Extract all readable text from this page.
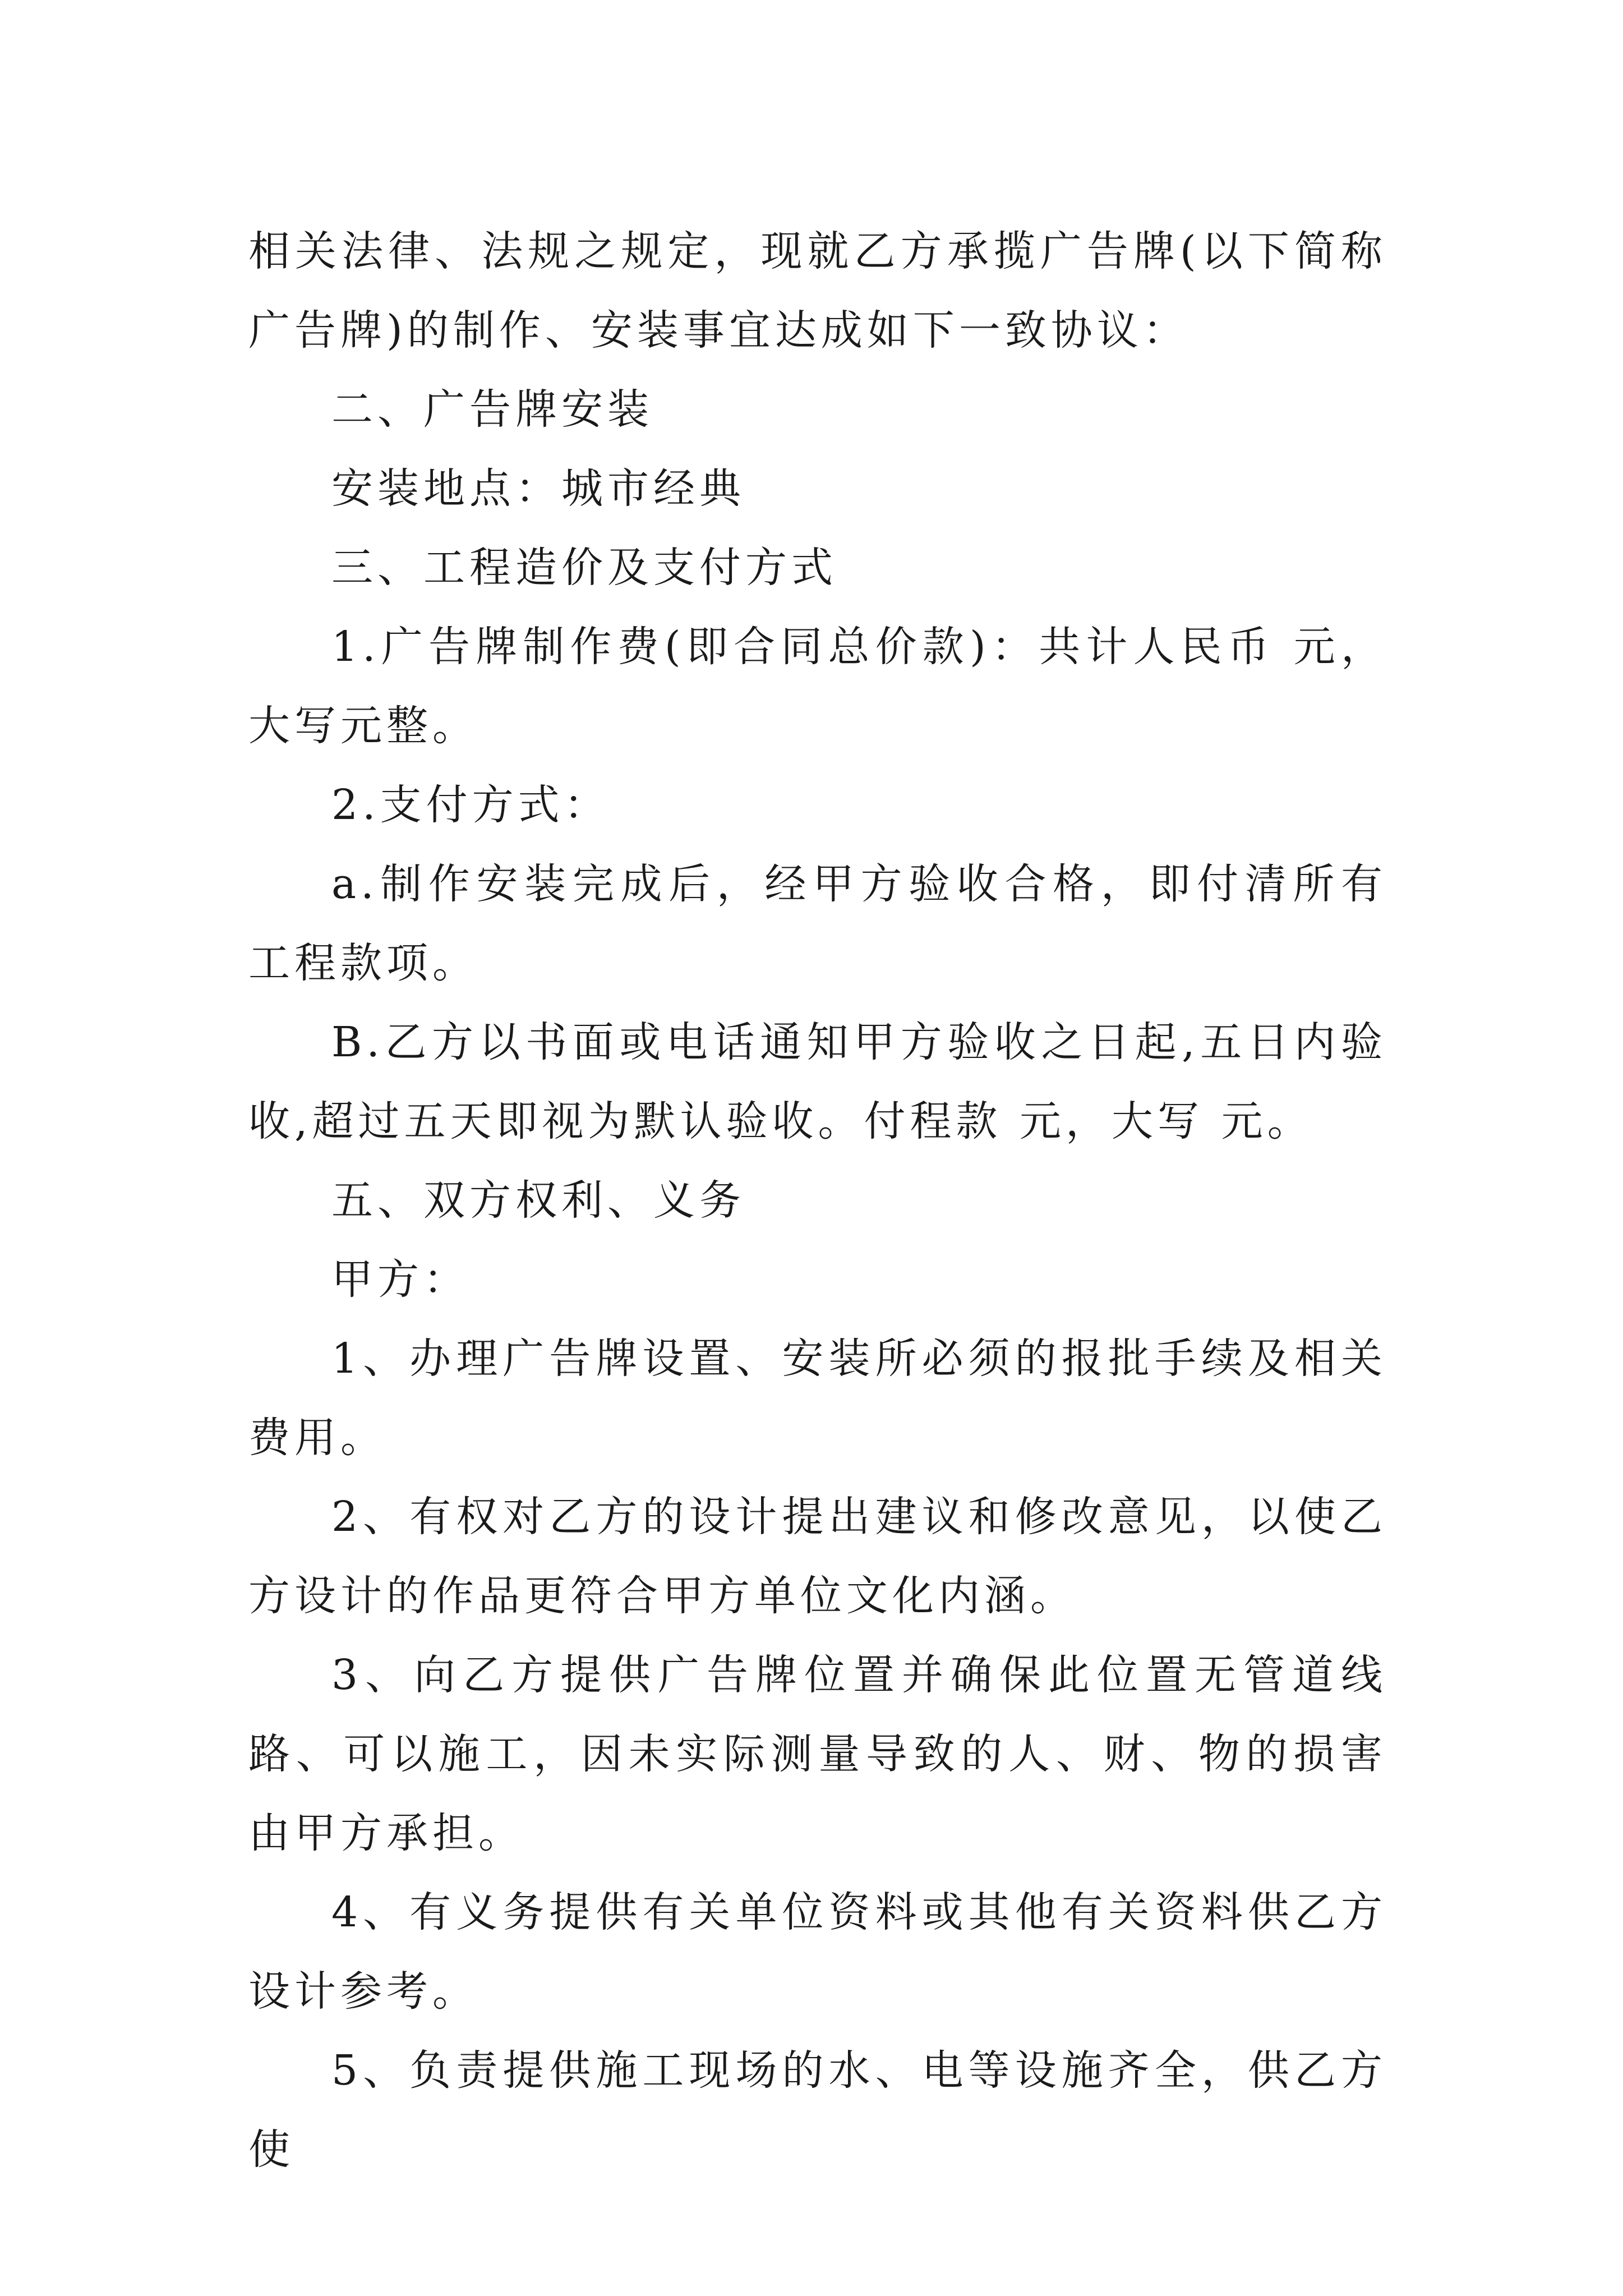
相关法律、法规之规定，现就乙方承揽广告牌(以下简称广告牌)的制作、安装事宜达成如下一致协议：

二、广告牌安装

安装地点：城市经典

三、工程造价及支付方式

1.广告牌制作费(即合同总价款)：共计人民币 元，大写元整。

2.支付方式：

a.制作安装完成后，经甲方验收合格，即付清所有工程款项。

B.乙方以书面或电话通知甲方验收之日起,五日内验收,超过五天即视为默认验收。付程款 元，大写 元。

五、双方权利、义务

甲方：

1、办理广告牌设置、安装所必须的报批手续及相关费用。

2、有权对乙方的设计提出建议和修改意见，以使乙方设计的作品更符合甲方单位文化内涵。

3、向乙方提供广告牌位置并确保此位置无管道线路、可以施工，因未实际测量导致的人、财、物的损害由甲方承担。

4、有义务提供有关单位资料或其他有关资料供乙方设计参考。

5、负责提供施工现场的水、电等设施齐全，供乙方使
